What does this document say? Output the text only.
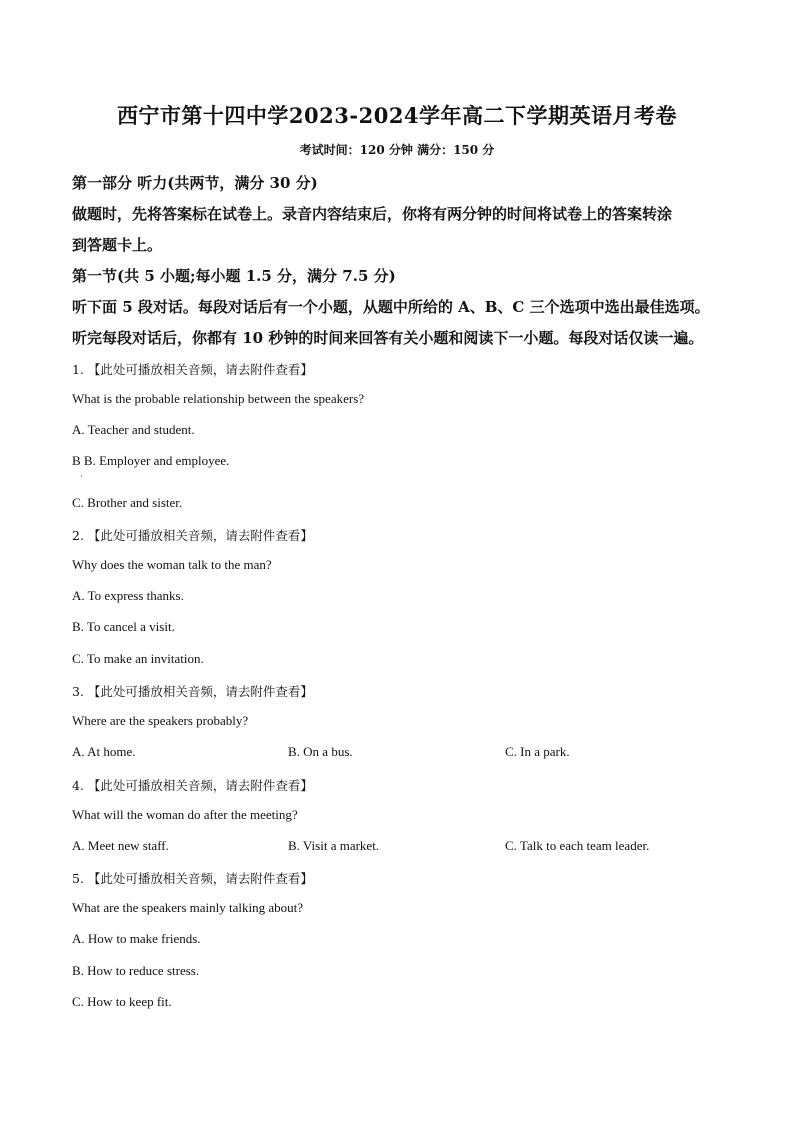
西宁市第十四中学2023-2024学年高二下学期英语月考卷
考试时间：120 分钟 满分：150 分
第一部分 听力(共两节，满分 30 分)
做题时，先将答案标在试卷上。录音内容结束后，你将有两分钟的时间将试卷上的答案转涂
到答题卡上。
第一节(共 5 小题;每小题 1.5 分，满分 7.5 分)
听下面 5 段对话。每段对话后有一个小题，从题中所给的 A、B、C 三个选项中选出最佳选项。
听完每段对话后，你都有 10 秒钟的时间来回答有关小题和阅读下一小题。每段对话仅读一遍。
1. 【此处可播放相关音频，请去附件查看】
What is the probable relationship between the speakers?
A. Teacher and student.
B B. Employer and employee.
·
C. Brother and sister.
2. 【此处可播放相关音频，请去附件查看】
Why does the woman talk to the man?
A. To express thanks.
B. To cancel a visit.
C. To make an invitation.
3. 【此处可播放相关音频，请去附件查看】
Where are the speakers probably?
A. At home.	B. On a bus.	C. In a park.
4. 【此处可播放相关音频，请去附件查看】
What will the woman do after the meeting?
A. Meet new staff.	B. Visit a market.	C. Talk to each team leader.
5. 【此处可播放相关音频，请去附件查看】
What are the speakers mainly talking about?
A. How to make friends.
B. How to reduce stress.
C. How to keep fit.
